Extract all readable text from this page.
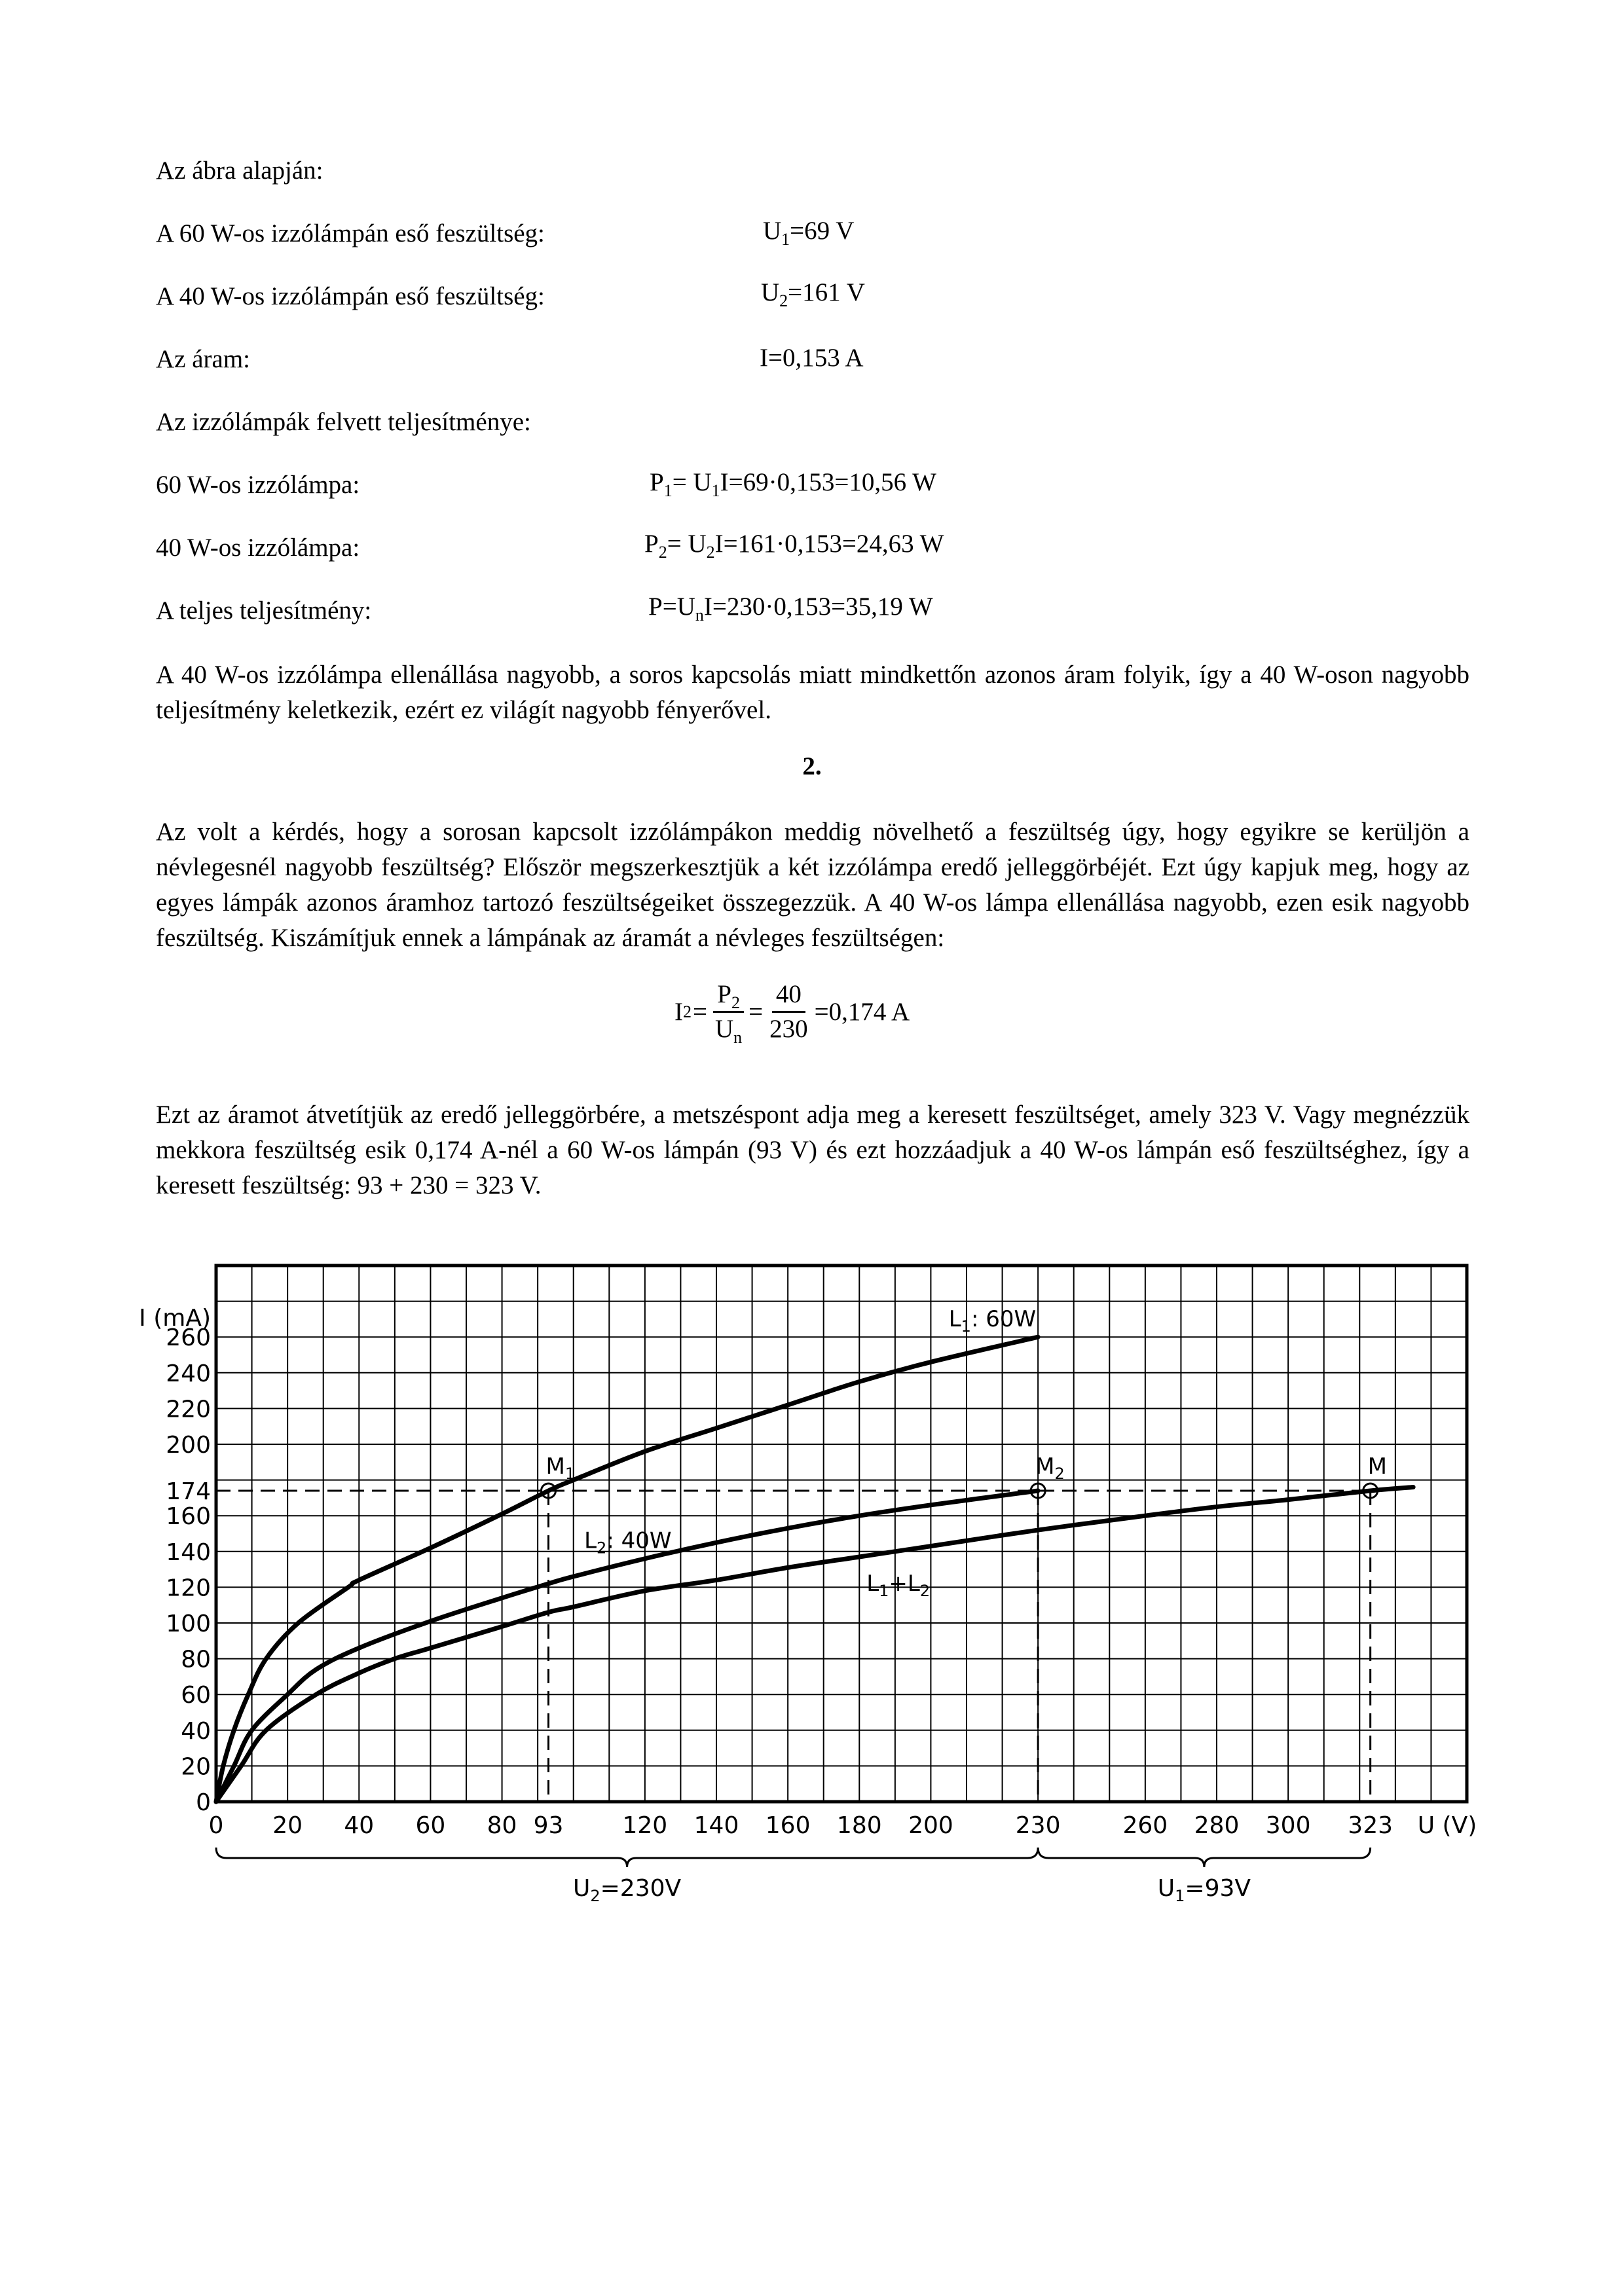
Az ábra alapján:
A 60 W-os izzólámpán eső feszültség:	$U_1=69$ V
A 40 W-os izzólámpán eső feszültség:	$U_2=161$ V
Az áram:	I=0,153 A
Az izzólámpák felvett teljesítménye:
60 W-os izzólámpa:	$P_1= U_1I=69\cdot 0,153=10,56$ W
40 W-os izzólámpa:	$P_2= U_2I=161\cdot 0,153=24,63$ W
A teljes teljesítmény:	$P=U_nI=230\cdot 0,153=35,19$ W
A 40 W-os izzólámpa ellenállása nagyobb, a soros kapcsolás miatt mindkettőn azonos áram folyik, így a 40 W-oson nagyobb teljesítmény keletkezik, ezért ez világít nagyobb fényerővel.
2.
Az volt a kérdés, hogy a sorosan kapcsolt izzólámpákon meddig növelhető a feszültség úgy, hogy egyikre se kerüljön a névlegesnél nagyobb feszültség? Először megszerkesztjük a két izzólámpa eredő jelleggörbéjét. Ezt úgy kapjuk meg, hogy az egyes lámpák azonos áramhoz tartozó feszültségeiket összegezzük. A 40 W-os lámpa ellenállása nagyobb, ezen esik nagyobb feszültség. Kiszámítjuk ennek a lámpának az áramát a névleges feszültségen:
I $2 = \frac{P_2}{U_n} = \frac{40}{230} =0,174$ A
Ezt az áramot átvetítjük az eredő jelleggörbére, a metszéspont adja meg a keresett feszültséget, amely 323 V. Vagy megnézzük mekkora feszültség esik 0,174 A-nél a 60 W-os lámpán (93 V) és ezt hozzáadjuk a 40 W-os lámpán eső feszültséghez, így a keresett feszültség: 93 + 230 = 323 V.
$M_1$	$M_2$	M
0
20
40
60
80
100
120
140
160
174
200
220
240
260
I (mA)
0 20 40 60 80 93	120 140 160 180 200	230	260 280 300 323 U (V)
$L_1$: 60W
$L_2$: 40W
$L_1+L_2$
$U_2=230V$	$U_1=93V$
